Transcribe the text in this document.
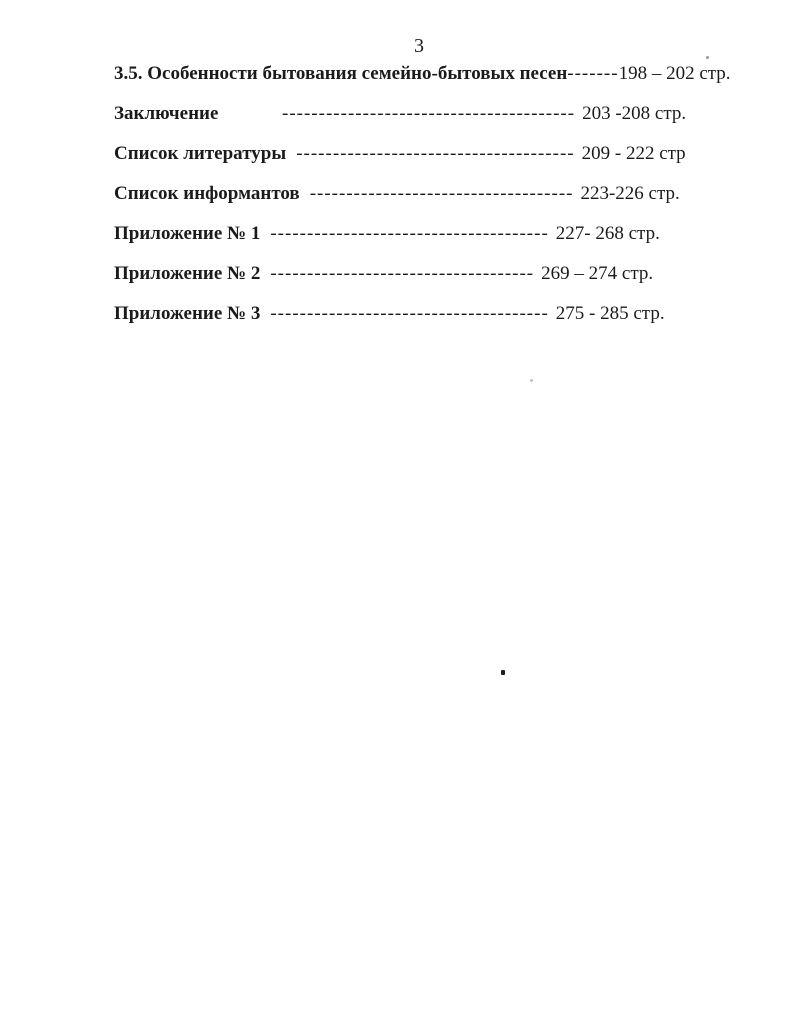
3
3.5. Особенности бытования семейно-бытовых песен ------- 198 – 202 стр.
Заключение	---------------------------------------- 203 -208 стр.
Список литературы -------------------------------------- 209 - 222 стр
Список информантов ------------------------------------ 223-226 стр.
Приложение № 1 -------------------------------------- 227- 268 стр.
Приложение № 2 ------------------------------------ 269 – 274 стр.
Приложение № 3 -------------------------------------- 275 - 285 стр.
